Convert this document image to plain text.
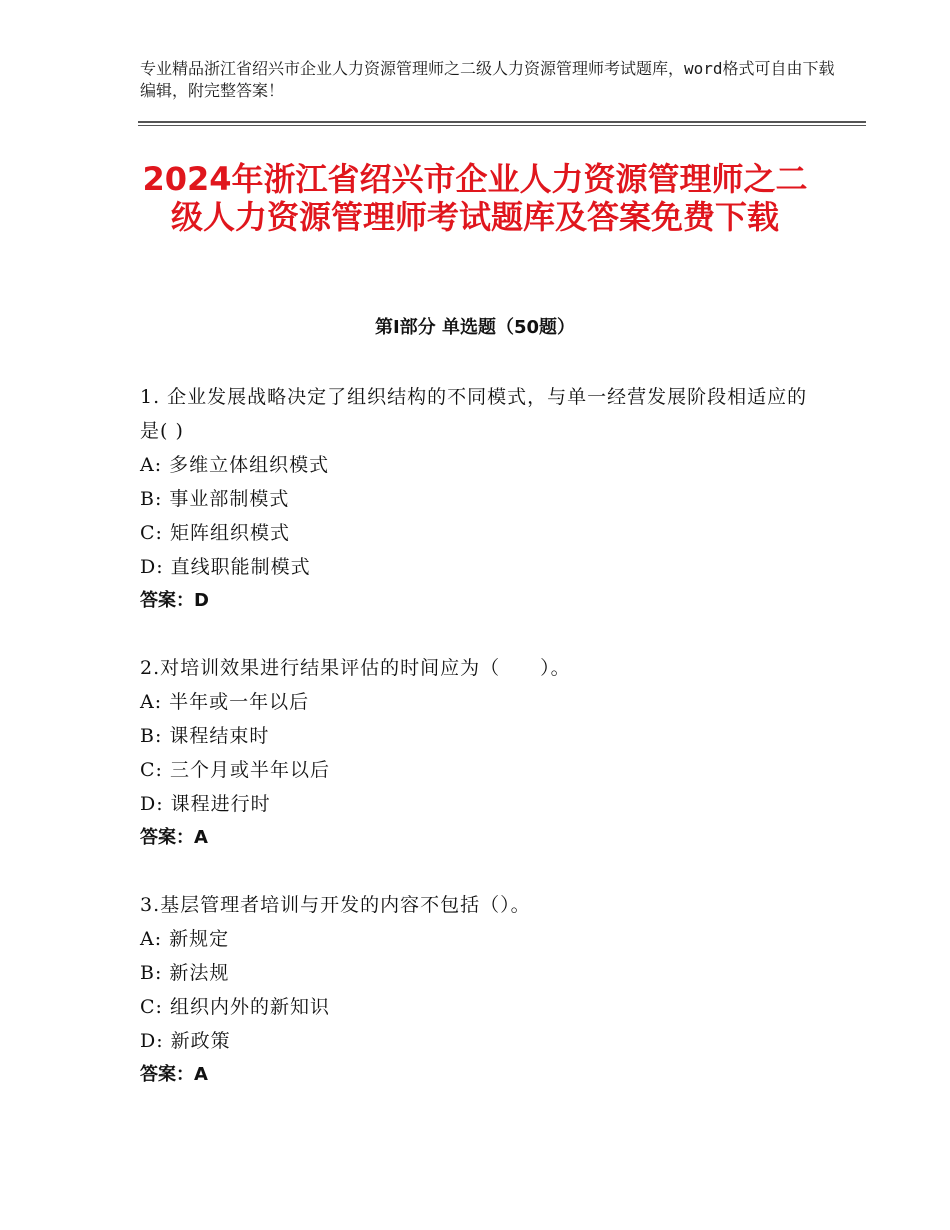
专业精品浙江省绍兴市企业人力资源管理师之二级人力资源管理师考试题库，word格式可自由下载编辑，附完整答案！
2024年浙江省绍兴市企业人力资源管理师之二级人力资源管理师考试题库及答案免费下载
第Ⅰ部分 单选题（50题）

1. 企业发展战略决定了组织结构的不同模式，与单一经营发展阶段相适应的是( )

A: 多维立体组织模式

B: 事业部制模式

C: 矩阵组织模式

D: 直线职能制模式

答案：D

2.对培训效果进行结果评估的时间应为（　　）。

A: 半年或一年以后

B: 课程结束时

C: 三个月或半年以后

D: 课程进行时

答案：A

3.基层管理者培训与开发的内容不包括（）。

A: 新规定

B: 新法规

C: 组织内外的新知识

D: 新政策

答案：A
